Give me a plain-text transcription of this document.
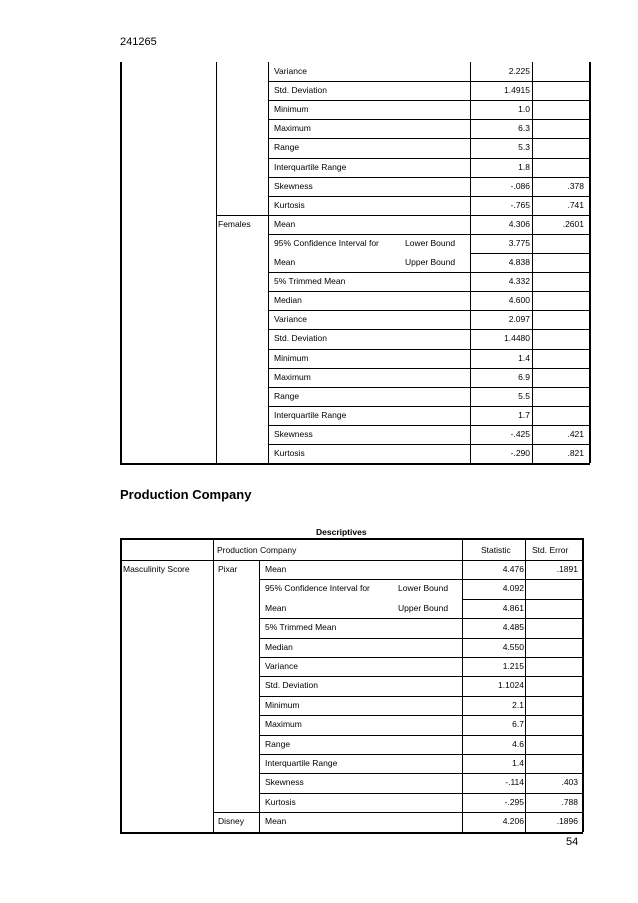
241265
Variance	2.225
Std. Deviation	1.4915
Minimum	1.0
Maximum	6.3
Range	5.3
Interquartile Range	1.8
Skewness	-.086	.378
Kurtosis	-.765	.741
Females	Mean	4.306	.2601
95% Confidence Interval for	Lower Bound	3.775
Mean	Upper Bound	4.838
5% Trimmed Mean	4.332
Median	4.600
Variance	2.097
Std. Deviation	1.4480
Minimum	1.4
Maximum	6.9
Range	5.5
Interquartile Range	1.7
Skewness	-.425	.421
Kurtosis	-.290	.821
Production Company
Descriptives
Production Company	Statistic Std. Error
Masculinity Score	Pixar	Mean	4.476	.1891
95% Confidence Interval for	Lower Bound	4.092
Mean	Upper Bound	4.861
5% Trimmed Mean	4.485
Median	4.550
Variance	1.215
Std. Deviation	1.1024
Minimum	2.1
Maximum	6.7
Range	4.6
Interquartile Range	1.4
Skewness	-.114	.403
Kurtosis	-.295	.788
Disney Mean	4.206	.1896
54
